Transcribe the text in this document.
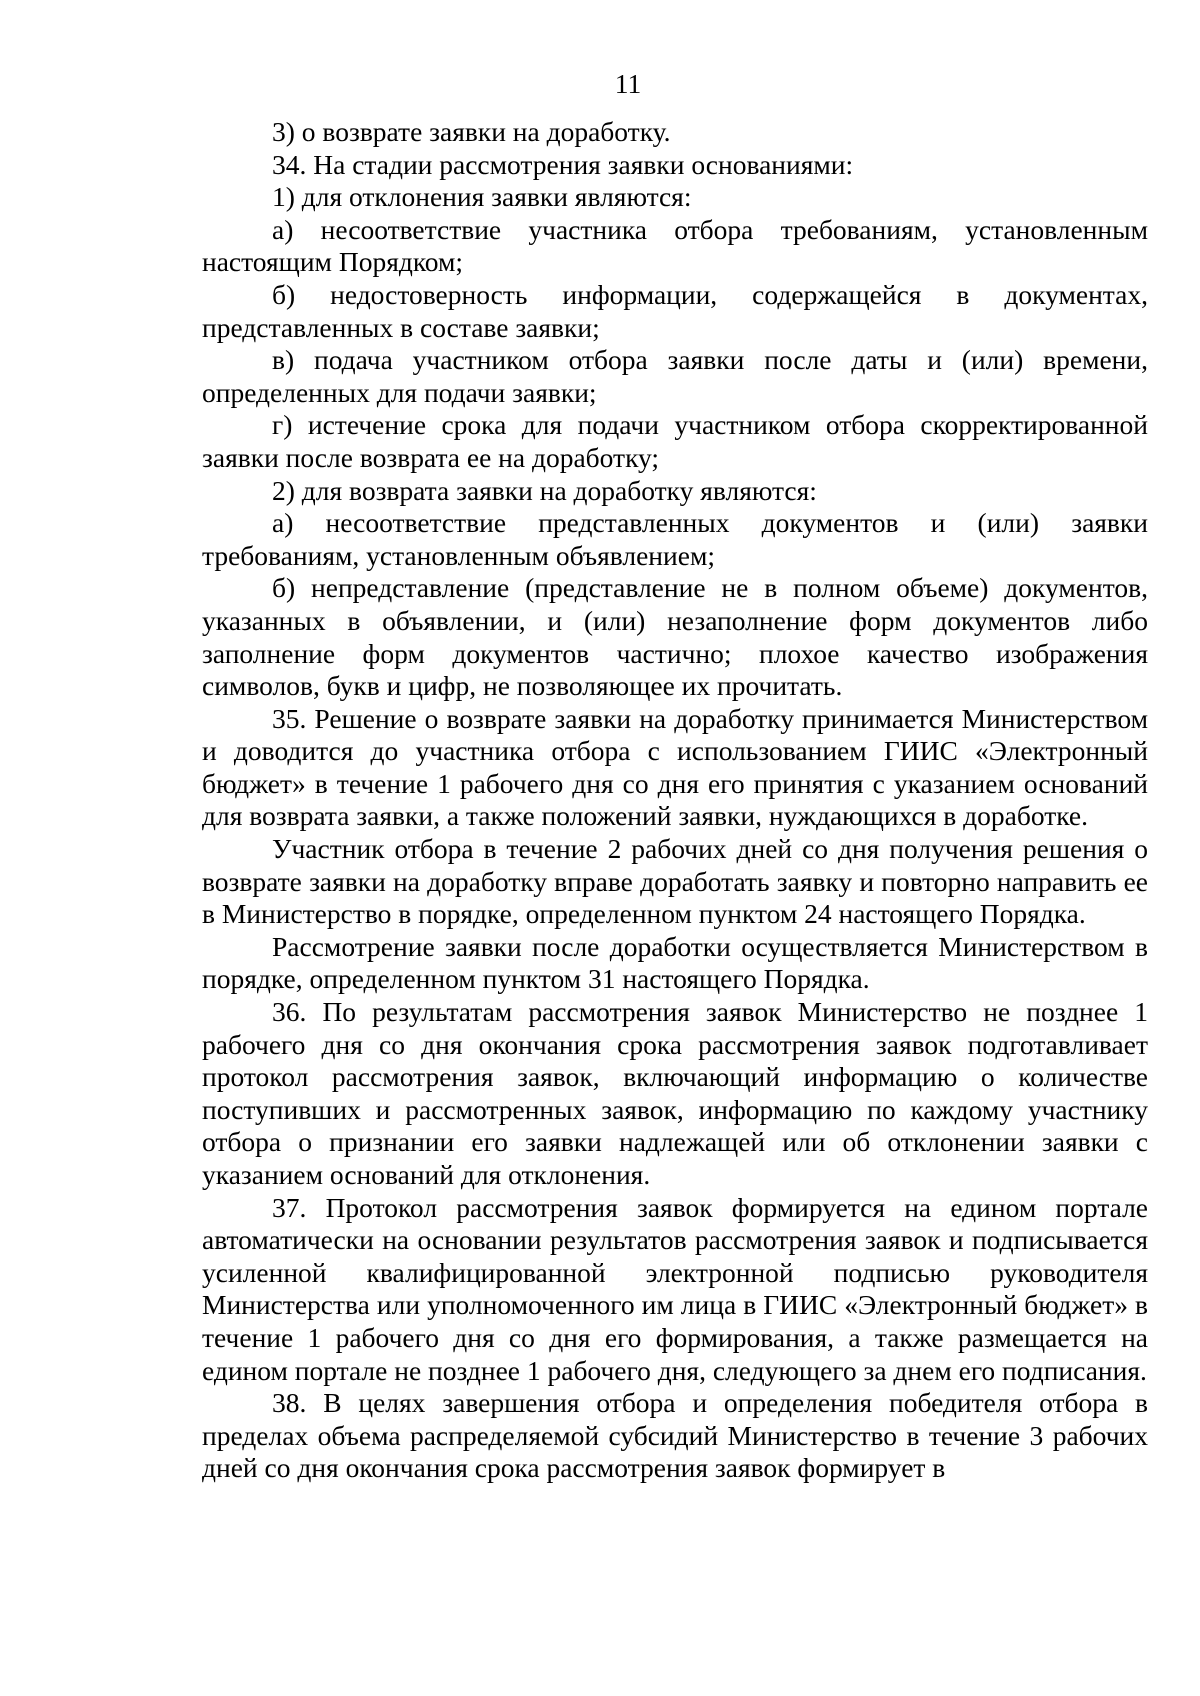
11

3) о возврате заявки на доработку.

34. На стадии рассмотрения заявки основаниями:

1) для отклонения заявки являются:

а) несоответствие участника отбора требованиям, установленным настоящим Порядком;

б) недостоверность информации, содержащейся в документах, представленных в составе заявки;

в) подача участником отбора заявки после даты и (или) времени, определенных для подачи заявки;

г) истечение срока для подачи участником отбора скорректированной заявки после возврата ее на доработку;

2) для возврата заявки на доработку являются:

а) несоответствие представленных документов и (или) заявки требованиям, установленным объявлением;

б) непредставление (представление не в полном объеме) документов, указанных в объявлении, и (или) незаполнение форм документов либо заполнение форм документов частично; плохое качество изображения символов, букв и цифр, не позволяющее их прочитать.

35. Решение о возврате заявки на доработку принимается Министерством и доводится до участника отбора с использованием ГИИС «Электронный бюджет» в течение 1 рабочего дня со дня его принятия с указанием оснований для возврата заявки, а также положений заявки, нуждающихся в доработке.

Участник отбора в течение 2 рабочих дней со дня получения решения о возврате заявки на доработку вправе доработать заявку и повторно направить ее в Министерство в порядке, определенном пунктом 24 настоящего Порядка.

Рассмотрение заявки после доработки осуществляется Министерством в порядке, определенном пунктом 31 настоящего Порядка.

36. По результатам рассмотрения заявок Министерство не позднее 1 рабочего дня со дня окончания срока рассмотрения заявок подготавливает протокол рассмотрения заявок, включающий информацию о количестве поступивших и рассмотренных заявок, информацию по каждому участнику отбора о признании его заявки надлежащей или об отклонении заявки с указанием оснований для отклонения.

37. Протокол рассмотрения заявок формируется на едином портале автоматически на основании результатов рассмотрения заявок и подписывается усиленной квалифицированной электронной подписью руководителя Министерства или уполномоченного им лица в ГИИС «Электронный бюджет» в течение 1 рабочего дня со дня его формирования, а также размещается на едином портале не позднее 1 рабочего дня, следующего за днем его подписания.

38. В целях завершения отбора и определения победителя отбора в пределах объема распределяемой субсидий Министерство в течение 3 рабочих дней со дня окончания срока рассмотрения заявок формирует в
